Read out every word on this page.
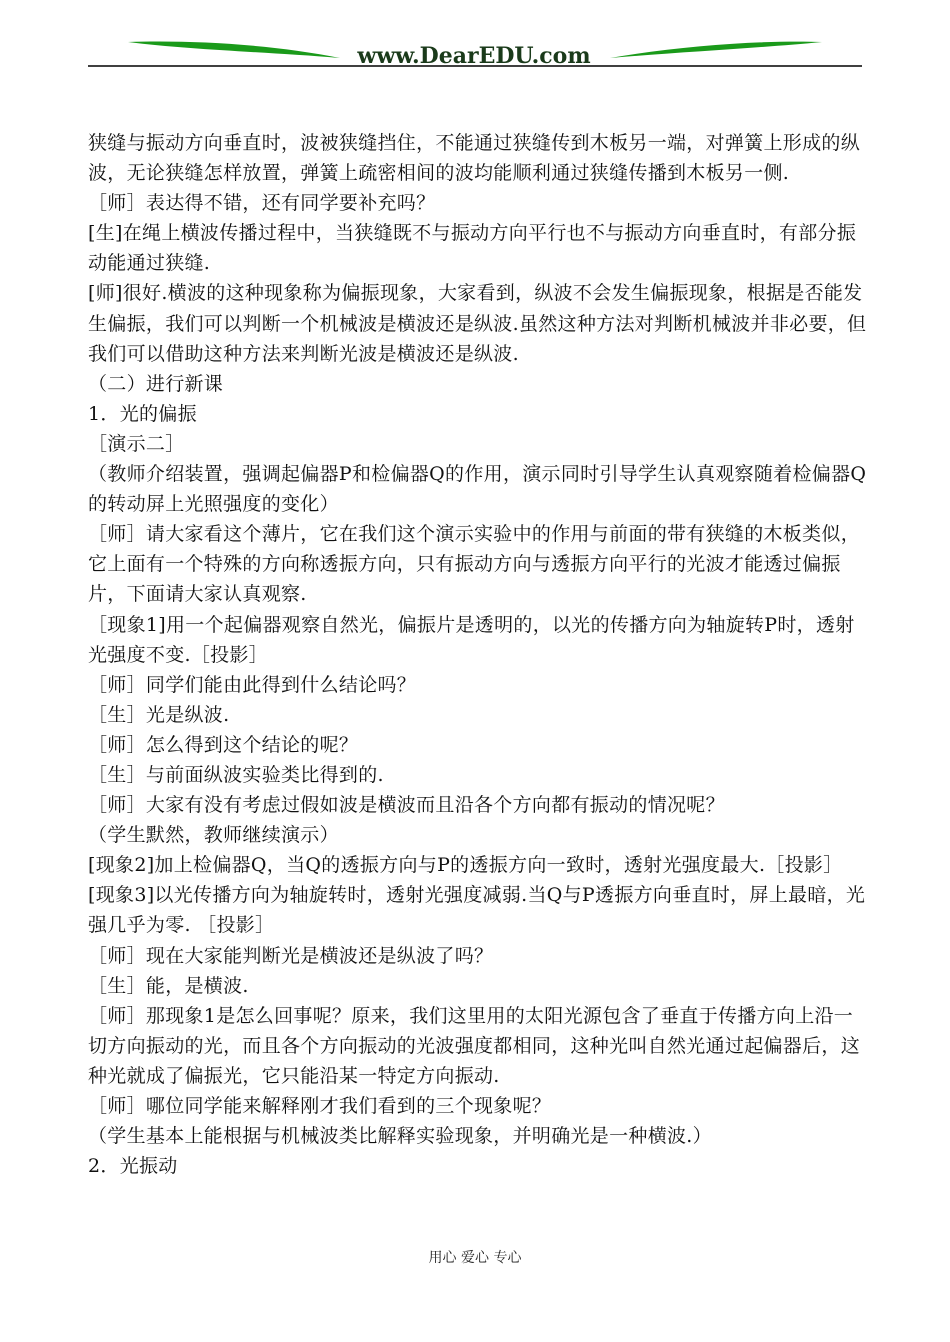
www.DearEDU.com

狭缝与振动方向垂直时，波被狭缝挡住，不能通过狭缝传到木板另一端，对弹簧上形成的纵波，无论狭缝怎样放置，弹簧上疏密相间的波均能顺利通过狭缝传播到木板另一侧.

［师］表达得不错，还有同学要补充吗？

[生]在绳上横波传播过程中，当狭缝既不与振动方向平行也不与振动方向垂直时，有部分振动能通过狭缝.

[师]很好.横波的这种现象称为偏振现象，大家看到，纵波不会发生偏振现象，根据是否能发生偏振，我们可以判断一个机械波是横波还是纵波.虽然这种方法对判断机械波并非必要，但我们可以借助这种方法来判断光波是横波还是纵波.

（二）进行新课

1．光的偏振

［演示二］

（教师介绍装置，强调起偏器P和检偏器Q的作用，演示同时引导学生认真观察随着检偏器Q的转动屏上光照强度的变化）

［师］请大家看这个薄片，它在我们这个演示实验中的作用与前面的带有狭缝的木板类似，它上面有一个特殊的方向称透振方向，只有振动方向与透振方向平行的光波才能透过偏振片，下面请大家认真观察.

［现象1]用一个起偏器观察自然光，偏振片是透明的，以光的传播方向为轴旋转P时，透射光强度不变.［投影］

［师］同学们能由此得到什么结论吗？

［生］光是纵波.

［师］怎么得到这个结论的呢？

［生］与前面纵波实验类比得到的.

［师］大家有没有考虑过假如波是横波而且沿各个方向都有振动的情况呢？

（学生默然，教师继续演示）

[现象2]加上检偏器Q，当Q的透振方向与P的透振方向一致时，透射光强度最大.［投影］

[现象3]以光传播方向为轴旋转时，透射光强度减弱.当Q与P透振方向垂直时，屏上最暗，光强几乎为零. ［投影］

［师］现在大家能判断光是横波还是纵波了吗？

［生］能，是横波.

［师］那现象1是怎么回事呢？原来，我们这里用的太阳光源包含了垂直于传播方向上沿一切方向振动的光，而且各个方向振动的光波强度都相同，这种光叫自然光通过起偏器后，这种光就成了偏振光，它只能沿某一特定方向振动.

［师］哪位同学能来解释刚才我们看到的三个现象呢？

（学生基本上能根据与机械波类比解释实验现象，并明确光是一种横波.）

2．光振动

用心 爱心 专心
